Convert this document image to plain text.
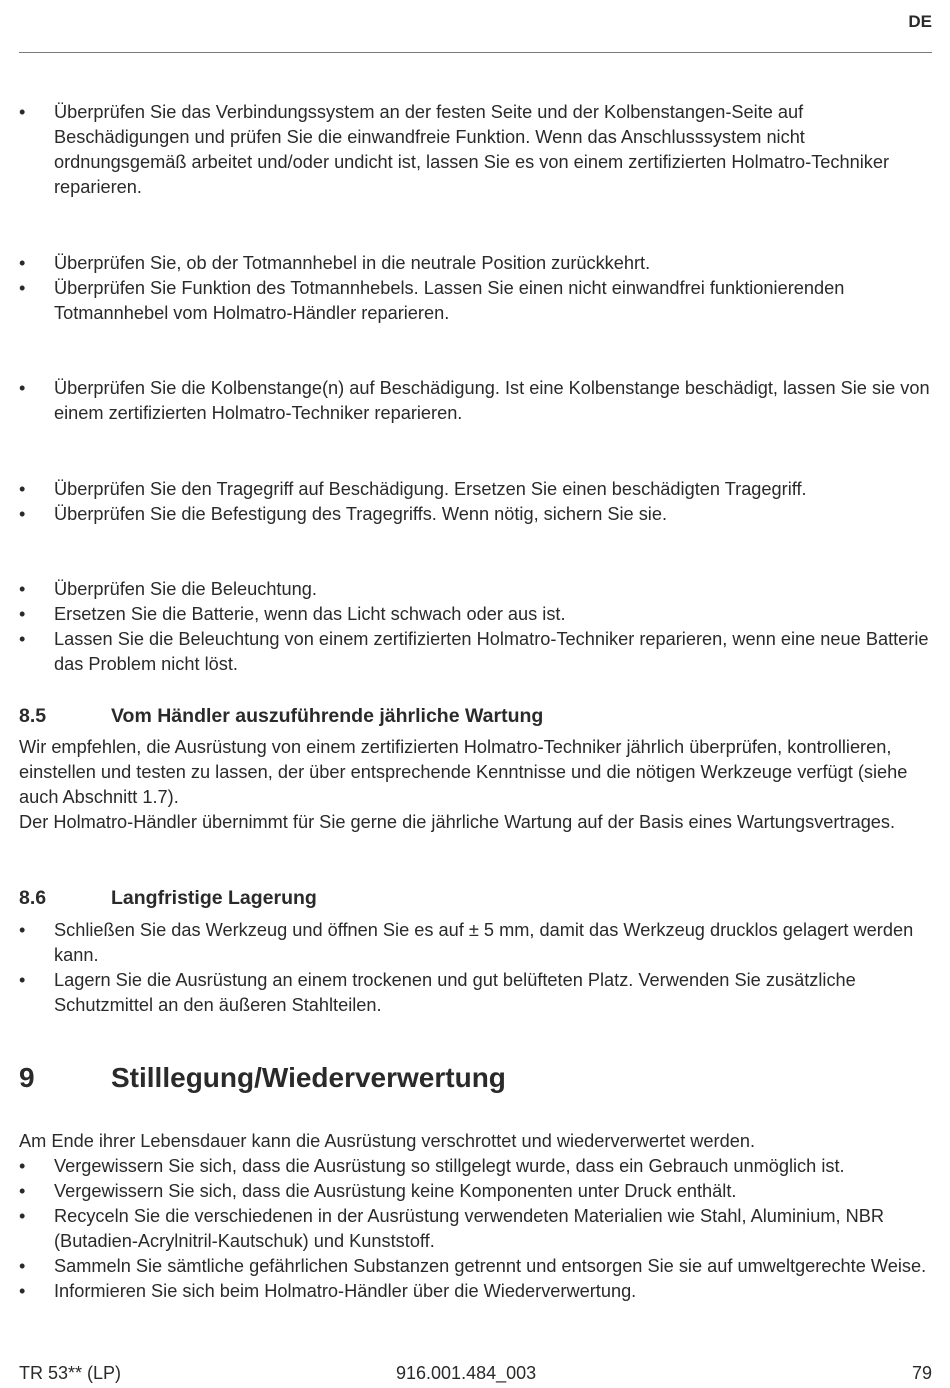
DE
• Überprüfen Sie das Verbindungssystem an der festen Seite und der Kolbenstangen-Seite auf Beschädigungen und prüfen Sie die einwandfreie Funktion. Wenn das Anschlusssystem nicht ordnungsgemäß arbeitet und/oder undicht ist, lassen Sie es von einem zertifizierten Holmatro-Techniker reparieren.
• Überprüfen Sie, ob der Totmannhebel in die neutrale Position zurückkehrt.
• Überprüfen Sie Funktion des Totmannhebels. Lassen Sie einen nicht einwandfrei funktionierenden Totmannhebel vom Holmatro-Händler reparieren.
• Überprüfen Sie die Kolbenstange(n) auf Beschädigung. Ist eine Kolbenstange beschädigt, lassen Sie sie von einem zertifizierten Holmatro-Techniker reparieren.
• Überprüfen Sie den Tragegriff auf Beschädigung. Ersetzen Sie einen beschädigten Tragegriff.
• Überprüfen Sie die Befestigung des Tragegriffs. Wenn nötig, sichern Sie sie.
• Überprüfen Sie die Beleuchtung.
• Ersetzen Sie die Batterie, wenn das Licht schwach oder aus ist.
• Lassen Sie die Beleuchtung von einem zertifizierten Holmatro-Techniker reparieren, wenn eine neue Batterie das Problem nicht löst.
8.5	Vom Händler auszuführende jährliche Wartung
Wir empfehlen, die Ausrüstung von einem zertifizierten Holmatro-Techniker jährlich überprüfen, kontrollieren, einstellen und testen zu lassen, der über entsprechende Kenntnisse und die nötigen Werkzeuge verfügt (siehe auch Abschnitt 1.7).
Der Holmatro-Händler übernimmt für Sie gerne die jährliche Wartung auf der Basis eines Wartungsvertrages.
8.6	Langfristige Lagerung
• Schließen Sie das Werkzeug und öffnen Sie es auf ± 5 mm, damit das Werkzeug drucklos gelagert werden kann.
• Lagern Sie die Ausrüstung an einem trockenen und gut belüfteten Platz. Verwenden Sie zusätzliche Schutzmittel an den äußeren Stahlteilen.
9	Stilllegung/Wiederverwertung
Am Ende ihrer Lebensdauer kann die Ausrüstung verschrottet und wiederverwertet werden.
• Vergewissern Sie sich, dass die Ausrüstung so stillgelegt wurde, dass ein Gebrauch unmöglich ist.
• Vergewissern Sie sich, dass die Ausrüstung keine Komponenten unter Druck enthält.
• Recyceln Sie die verschiedenen in der Ausrüstung verwendeten Materialien wie Stahl, Aluminium, NBR (Butadien-Acrylnitril-Kautschuk) und Kunststoff.
• Sammeln Sie sämtliche gefährlichen Substanzen getrennt und entsorgen Sie sie auf umweltgerechte Weise.
• Informieren Sie sich beim Holmatro-Händler über die Wiederverwertung.
TR 53** (LP)	916.001.484_003	79
